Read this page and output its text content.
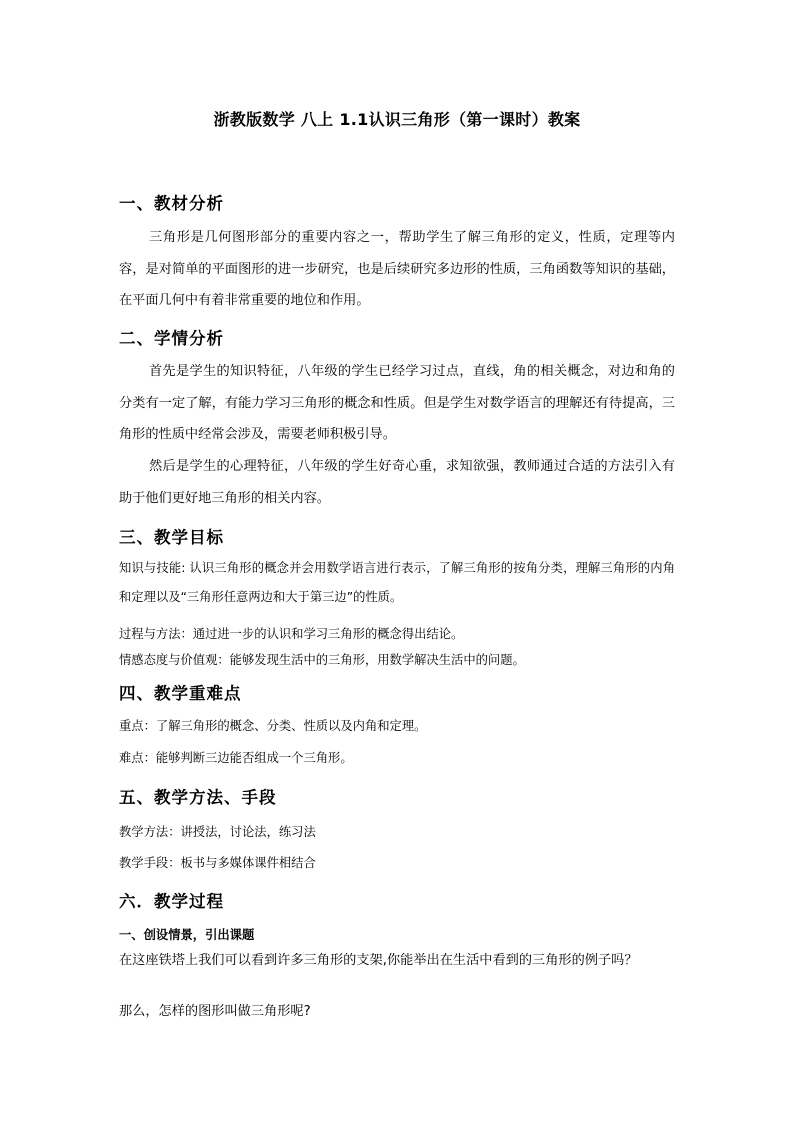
浙教版数学 八上 1.1认识三角形（第一课时）教案
一、教材分析

三角形是几何图形部分的重要内容之一，帮助学生了解三角形的定义，性质，定理等内容，是对简单的平面图形的进一步研究，也是后续研究多边形的性质，三角函数等知识的基础，在平面几何中有着非常重要的地位和作用。

二、学情分析

首先是学生的知识特征，八年级的学生已经学习过点，直线，角的相关概念，对边和角的分类有一定了解，有能力学习三角形的概念和性质。但是学生对数学语言的理解还有待提高，三角形的性质中经常会涉及，需要老师积极引导。

然后是学生的心理特征，八年级的学生好奇心重，求知欲强，教师通过合适的方法引入有助于他们更好地三角形的相关内容。

三、教学目标

知识与技能: 认识三角形的概念并会用数学语言进行表示，了解三角形的按角分类，理解三角形的内角和定理以及“三角形任意两边和大于第三边”的性质。

过程与方法：通过进一步的认识和学习三角形的概念得出结论。
情感态度与价值观：能够发现生活中的三角形，用数学解决生活中的问题。
四、教学重难点
重点：了解三角形的概念、分类、性质以及内角和定理。
难点：能够判断三边能否组成一个三角形。
五、教学方法、手段
教学方法：讲授法，讨论法，练习法
教学手段：板书与多媒体课件相结合
六．教学过程
一、创设情景，引出课题
在这座铁塔上我们可以看到许多三角形的支架,你能举出在生活中看到的三角形的例子吗？
那么，怎样的图形叫做三角形呢?
